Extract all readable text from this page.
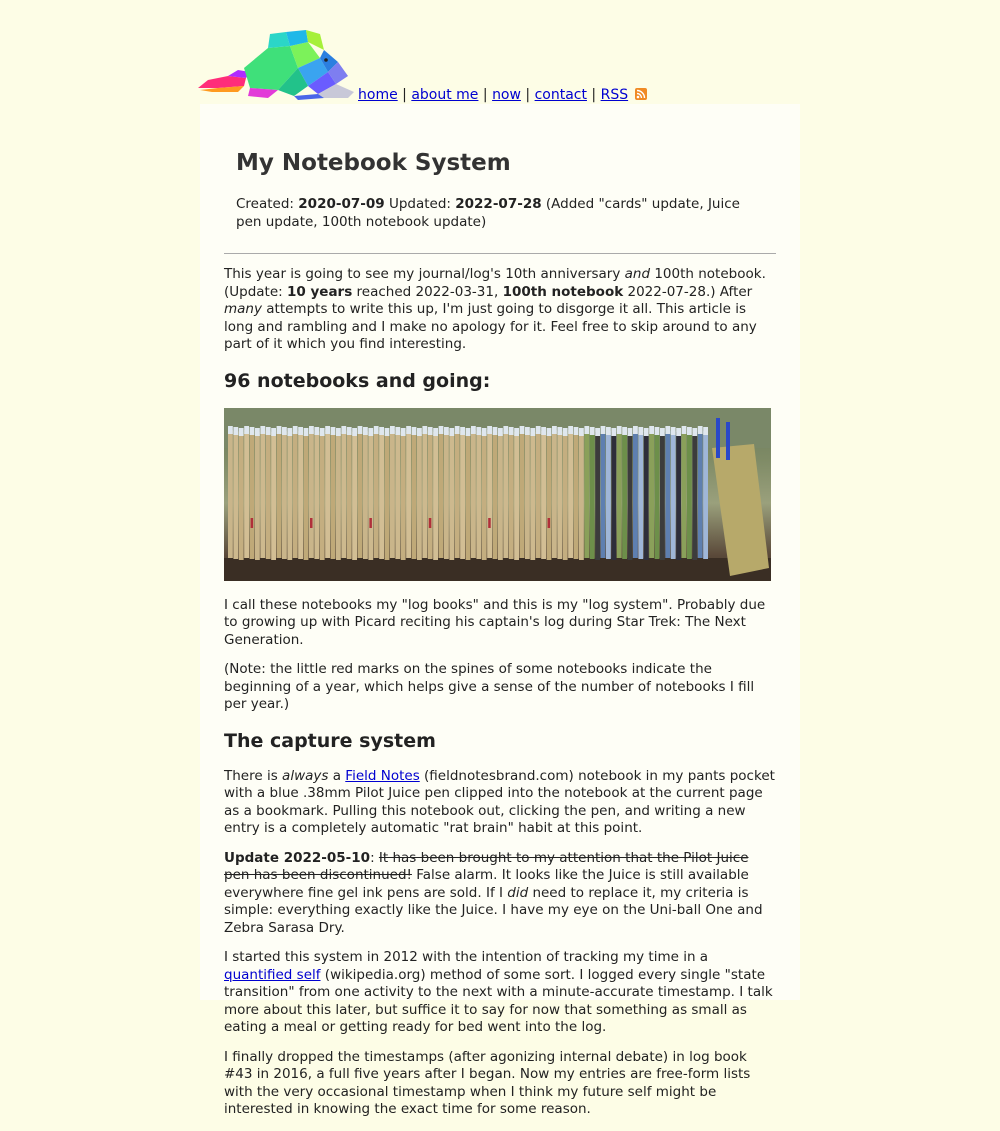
home | about me | now | contact | RSS
My Notebook System
Created: 2020-07-09 Updated: 2022-07-28 (Added "cards" update, Juice pen update, 100th notebook update)

This year is going to see my journal/log's 10th anniversary and 100th notebook. (Update: 10 years reached 2022-03-31, 100th notebook 2022-07-28.) After many attempts to write this up, I'm just going to disgorge it all. This article is long and rambling and I make no apology for it. Feel free to skip around to any part of it which you find interesting.

96 notebooks and going:

I call these notebooks my "log books" and this is my "log system". Probably due to growing up with Picard reciting his captain's log during Star Trek: The Next Generation.

(Note: the little red marks on the spines of some notebooks indicate the beginning of a year, which helps give a sense of the number of notebooks I fill per year.)

The capture system

There is always a Field Notes (fieldnotesbrand.com) notebook in my pants pocket with a blue .38mm Pilot Juice pen clipped into the notebook at the current page as a bookmark. Pulling this notebook out, clicking the pen, and writing a new entry is a completely automatic "rat brain" habit at this point.

Update 2022-05-10: It has been brought to my attention that the Pilot Juice pen has been discontinued! False alarm. It looks like the Juice is still available everywhere fine gel ink pens are sold. If I did need to replace it, my criteria is simple: everything exactly like the Juice. I have my eye on the Uni-ball One and Zebra Sarasa Dry.

I started this system in 2012 with the intention of tracking my time in a quantified self (wikipedia.org) method of some sort. I logged every single "state transition" from one activity to the next with a minute-accurate timestamp. I talk more about this later, but suffice it to say for now that something as small as eating a meal or getting ready for bed went into the log.

I finally dropped the timestamps (after agonizing internal debate) in log book #43 in 2016, a full five years after I began. Now my entries are free-form lists with the very occasional timestamp when I think my future self might be interested in knowing the exact time for some reason.
